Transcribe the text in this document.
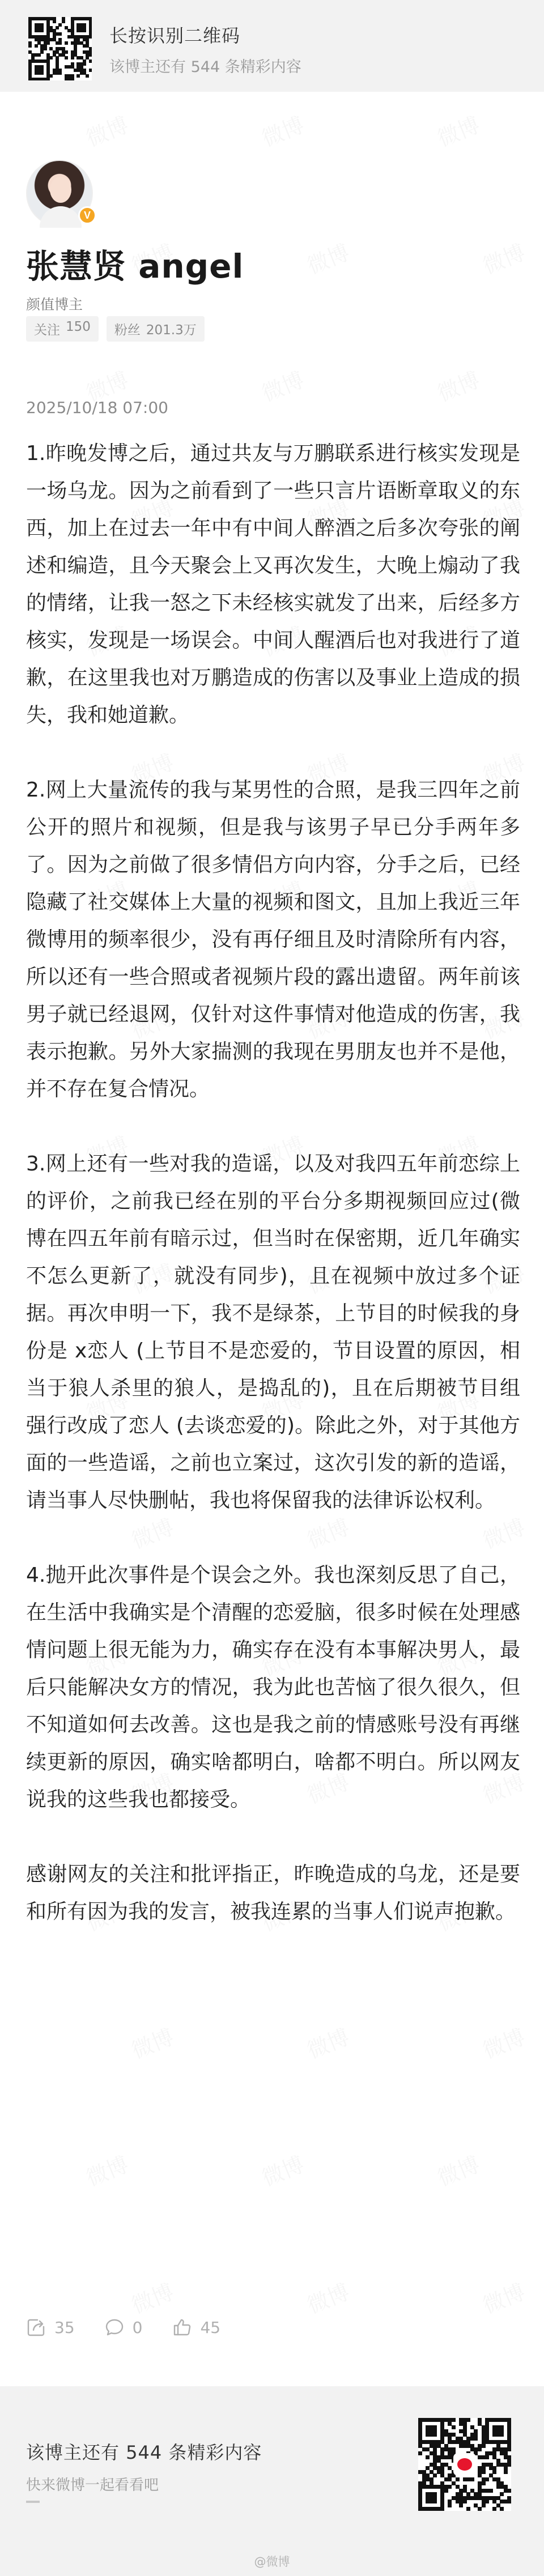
长按识别二维码
该博主还有 544 条精彩内容
V
张慧贤 angel
颜值博主
关注 150 粉丝 201.3万
2025/10/18 07:00

1.昨晚发博之后，通过共友与万鹏联系进行核实发现是一场乌龙。因为之前看到了一些只言片语断章取义的东西，加上在过去一年中有中间人醉酒之后多次夸张的阐述和编造，且今天聚会上又再次发生，大晚上煽动了我的情绪，让我一怒之下未经核实就发了出来，后经多方核实，发现是一场误会。中间人醒酒后也对我进行了道歉，在这里我也对万鹏造成的伤害以及事业上造成的损失，我和她道歉。

2.网上大量流传的我与某男性的合照，是我三四年之前公开的照片和视频，但是我与该男子早已分手两年多了。因为之前做了很多情侣方向内容，分手之后，已经隐藏了社交媒体上大量的视频和图文，且加上我近三年微博用的频率很少，没有再仔细且及时清除所有内容，所以还有一些合照或者视频片段的露出遗留。两年前该男子就已经退网，仅针对这件事情对他造成的伤害，我表示抱歉。另外大家揣测的我现在男朋友也并不是他，并不存在复合情况。

3.网上还有一些对我的造谣，以及对我四五年前恋综上的评价，之前我已经在别的平台分多期视频回应过(微博在四五年前有暗示过，但当时在保密期，近几年确实不怎么更新了，就没有同步)，且在视频中放过多个证据。再次申明一下，我不是绿茶，上节目的时候我的身份是 x恋人 (上节目不是恋爱的，节目设置的原因，相当于狼人杀里的狼人，是捣乱的)，且在后期被节目组强行改成了恋人 (去谈恋爱的)。除此之外，对于其他方面的一些造谣，之前也立案过，这次引发的新的造谣，请当事人尽快删帖，我也将保留我的法律诉讼权利。

4.抛开此次事件是个误会之外。我也深刻反思了自己，在生活中我确实是个清醒的恋爱脑，很多时候在处理感情问题上很无能为力，确实存在没有本事解决男人，最后只能解决女方的情况，我为此也苦恼了很久很久，但不知道如何去改善。这也是我之前的情感账号没有再继续更新的原因，确实啥都明白，啥都不明白。所以网友说我的这些我也都接受。

感谢网友的关注和批评指正，昨晚造成的乌龙，还是要和所有因为我的发言，被我连累的当事人们说声抱歉。

35	0	45
该博主还有 544 条精彩内容
快来微博一起看看吧
@微博
